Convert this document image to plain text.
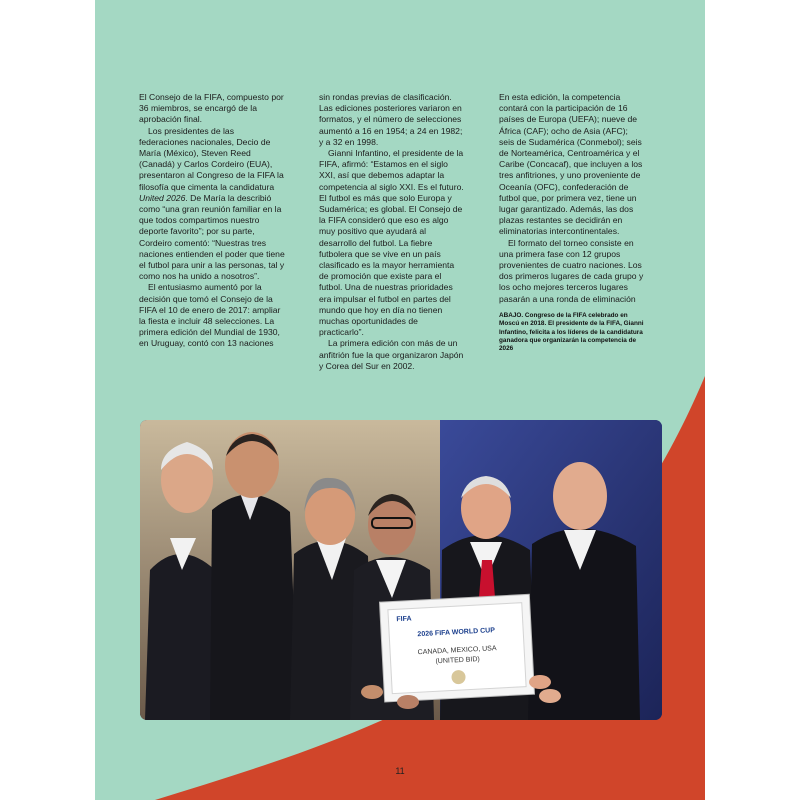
El Consejo de la FIFA, compuesto por 36 miembros, se encargó de la aprobación final.

Los presidentes de las federaciones nacionales, Decio de María (México), Steven Reed (Canadá) y Carlos Cordeiro (EUA), presentaron al Congreso de la FIFA la filosofía que cimenta la candidatura United 2026. De María la describió como “una gran reunión familiar en la que todos compartimos nuestro deporte favorito”; por su parte, Cordeiro comentó: “Nuestras tres naciones entienden el poder que tiene el futbol para unir a las personas, tal y como nos ha unido a nosotros”.

El entusiasmo aumentó por la decisión que tomó el Consejo de la FIFA el 10 de enero de 2017: ampliar la fiesta e incluir 48 selecciones. La primera edición del Mundial de 1930, en Uruguay, contó con 13 naciones

sin rondas previas de clasificación. Las ediciones posteriores variaron en formatos, y el número de selecciones aumentó a 16 en 1954; a 24 en 1982; y a 32 en 1998.

Gianni Infantino, el presidente de la FIFA, afirmó: “Estamos en el siglo XXI, así que debemos adaptar la competencia al siglo XXI. Es el futuro. El futbol es más que solo Europa y Sudamérica; es global. El Consejo de la FIFA consideró que eso es algo muy positivo que ayudará al desarrollo del futbol. La fiebre futbolera que se vive en un país clasificado es la mayor herramienta de promoción que existe para el futbol. Una de nuestras prioridades era impulsar el futbol en partes del mundo que hoy en día no tienen muchas oportunidades de practicarlo”.

La primera edición con más de un anfitrión fue la que organizaron Japón y Corea del Sur en 2002.

En esta edición, la competencia contará con la participación de 16 países de Europa (UEFA); nueve de África (CAF); ocho de Asia (AFC); seis de Sudamérica (Conmebol); seis de Norteamérica, Centroamérica y el Caribe (Concacaf), que incluyen a los tres anfitriones, y uno proveniente de Oceanía (OFC), confederación de futbol que, por primera vez, tiene un lugar garantizado. Además, las dos plazas restantes se decidirán en eliminatorias intercontinentales.

El formato del torneo consiste en una primera fase con 12 grupos provenientes de cuatro naciones. Los dos primeros lugares de cada grupo y los ocho mejores terceros lugares pasarán a una ronda de eliminación

ABAJO. Congreso de la FIFA celebrado en Moscú en 2018. El presidente de la FIFA, Gianni Infantino, felicita a los líderes de la candidatura ganadora que organizarán la competencia de 2026
FIFA
2026 FIFA WORLD CUP
CANADA, MEXICO, USA
(UNITED BID)
11
